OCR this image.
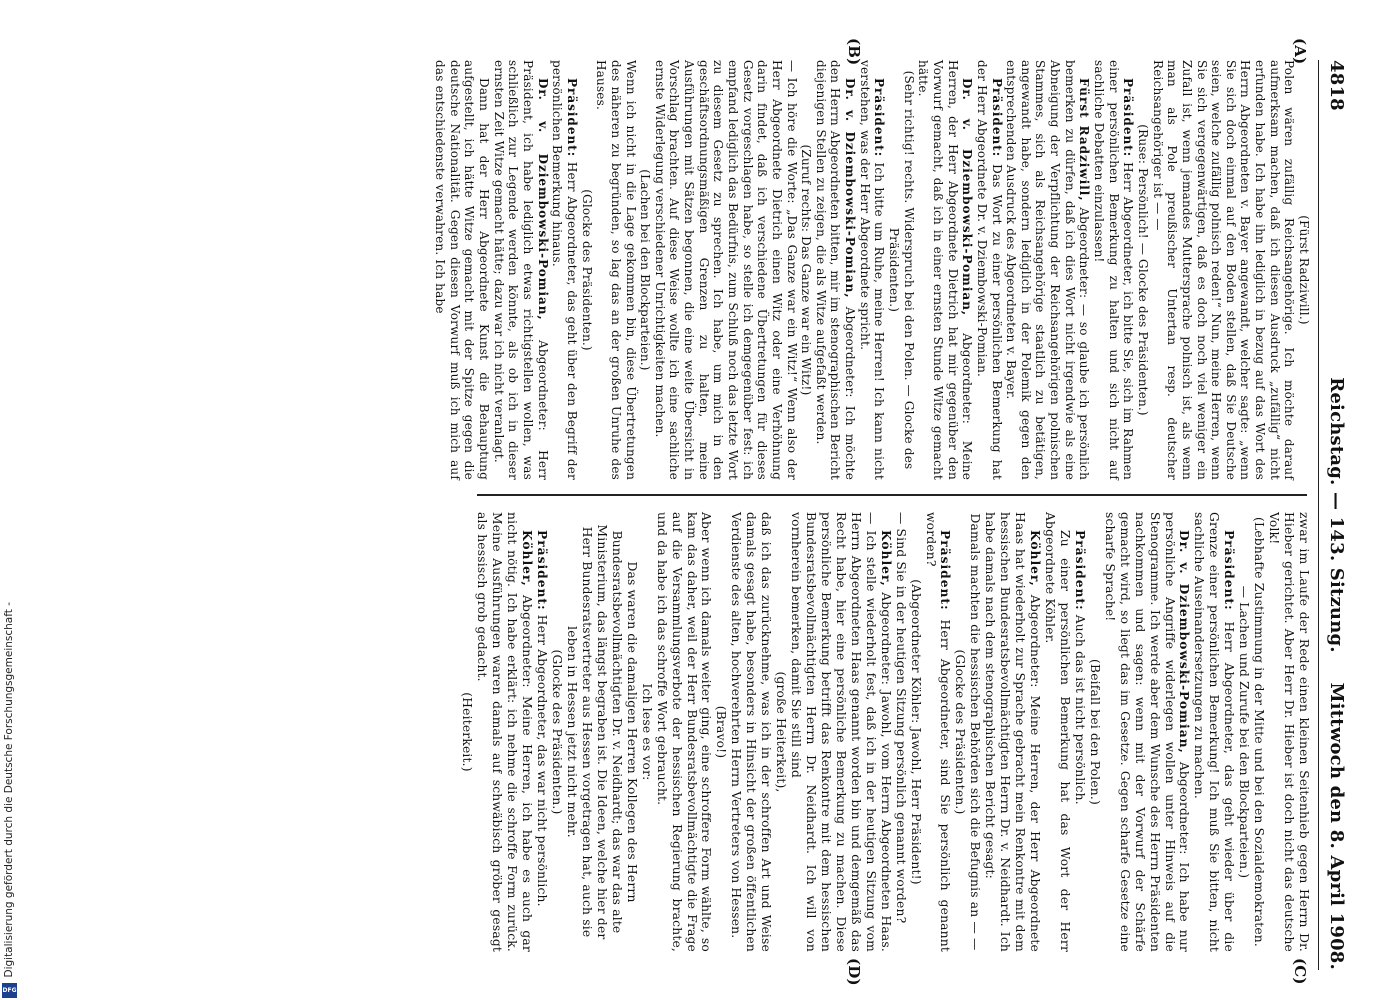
4818
Reichstag. — 143. Sitzung.
Mittwoch den 8. April 1908.
(A)
(B)
(C)
(D)

(Fürst Radziwill.)

Polen wären zufällig Reichsangehörige. Ich möchte darauf aufmerksam machen, daß ich diesen Ausdruck „zufällig“ nicht erfunden habe. Ich habe ihn lediglich in bezug auf das Wort des Herrn Abgeordneten v. Bayer angewandt, welcher sagte: „wenn Sie sich doch einmal auf den Boden stellen, daß Sie Deutsche seien, welche zufällig polnisch reden!“ Nun, meine Herren, wenn Sie sich vergegenwärtigen, daß es doch noch viel weniger ein Zufall ist, wenn jemandes Muttersprache polnisch ist, als wenn man als Pole preußischer Untertan resp. deutscher Reichsangehöriger ist — —

(Ruse: Persönlich! — Glocke des Präsidenten.)

Präsident: Herr Abgeordneter, ich bitte Sie, sich im Rahmen einer persönlichen Bemerkung zu halten und sich nicht auf sachliche Debatten einzulassen!

Fürst Radziwill, Abgeordneter: — so glaube ich persönlich bemerken zu dürfen, daß ich dies Wort nicht irgendwie als eine Abneigung der Verpflichtung der Reichsangehörigen polnischen Stammes, sich als Reichsangehörige staatlich zu betätigen, angewandt habe, sondern lediglich in der Polemik gegen den entsprechenden Ausdruck des Abgeordneten v. Bayer.

Präsident: Das Wort zu einer persönlichen Bemerkung hat der Herr Abgeordnete Dr. v. Dziembowski-Pomian.

Dr. v. Dziembowski-Pomian, Abgeordneter: Meine Herren, der Herr Abgeordnete Dietrich hat mir gegenüber den Vorwurf gemacht, daß ich in einer ernsten Stunde Witze gemacht hätte.

(Sehr richtig! rechts. Widerspruch bei den Polen. — Glocke des Präsidenten.)

Präsident: Ich bitte um Ruhe, meine Herren! Ich kann nicht verstehen, was der Herr Abgeordnete spricht.

Dr. v. Dziembowski-Pomian, Abgeordneter: Ich möchte den Herrn Abgeordneten bitten, mir im stenographischen Bericht diejenigen Stellen zu zeigen, die als Witze aufgefaßt werden.

(Zuruf rechts: Das Ganze war ein Witz!)

— Ich höre die Worte: „Das Ganze war ein Witz!“ Wenn also der Herr Abgeordnete Dietrich einen Witz oder eine Verhöhnung darin findet, daß ich verschiedene Übertretungen für dieses Gesetz vorgeschlagen habe, so stelle ich demgegenüber fest: ich empfand lediglich das Bedürfnis, zum Schluß noch das letzte Wort zu diesem Gesetz zu sprechen. Ich habe, um mich in den geschäftsordnungsmäßigen Grenzen zu halten, meine Ausführungen mit Sätzen begonnen, die eine weite Übersicht in Vorschlag brachten. Auf diese Weise wollte ich eine sachliche ernste Widerlegung verschiedener Unrichtigkeiten machen.

(Lachen bei den Blockparteien.)

Wenn ich nicht in die Lage gekommen bin, diese Übertretungen des näheren zu begründen, so lag das an der großen Unruhe des Hauses.

(Glocke des Präsidenten.)

Präsident: Herr Abgeordneter, das geht über den Begriff der persönlichen Bemerkung hinaus.

Dr. v. Dziembowski-Pomian, Abgeordneter: Herr Präsident, ich habe lediglich etwas richtigstellen wollen, was schließlich zur Legende werden könnte, als ob ich in dieser ernsten Zeit Witze gemacht hätte; dazu war ich nicht veranlagt.

Dann hat der Herr Abgeordnete Kunst die Behauptung aufgestellt, ich hätte Witze gemacht mit der Spitze gegen die deutsche Nationalität. Gegen diesen Vorwurf muß ich mich auf das entschiedenste verwahren. Ich habe

zwar im Laufe der Rede einen kleinen Seitenhieb gegen Herrn Dr. Hieber gerichtet. Aber Herr Dr. Hieber ist doch nicht das deutsche Volk!

(Lebhafte Zustimmung in der Mitte und bei den Sozialdemokraten. — Lachen und Zurufe bei den Blockparteien.)

Präsident: Herr Abgeordneter, das geht wieder über die Grenze einer persönlichen Bemerkung! Ich muß Sie bitten, nicht sachliche Auseinandersetzungen zu machen.

Dr. v. Dziembowski-Pomian, Abgeordneter: Ich habe nur persönliche Angriffe widerlegen wollen unter Hinweis auf die Stenogramme. Ich werde aber dem Wunsche des Herrn Präsidenten nachkommen und sagen: wenn mit der Vorwurf der Schärfe gemacht wird, so liegt das im Gesetze. Gegen scharfe Gesetze eine scharfe Sprache!

(Beifall bei den Polen.)

Präsident: Auch das ist nicht persönlich.

Zu einer persönlichen Bemerkung hat das Wort der Herr Abgeordnete Köhler.

Köhler, Abgeordneter: Meine Herren, der Herr Abgeordnete Haas hat wiederholt zur Sprache gebracht mein Renkontre mit dem hessischen Bundesratsbevollmächtigten Herrn Dr. v. Neidhardt. Ich habe damals nach dem stenographischen Bericht gesagt:

Damals machten die hessischen Behörden sich die Befugnis an — —

(Glocke des Präsidenten.)

Präsident: Herr Abgeordneter, sind Sie persönlich genannt worden?

(Abgeordneter Köhler: Jawohl, Herr Präsident!)

— Sind Sie in der heutigen Sitzung persönlich genannt worden?

Köhler, Abgeordneter: Jawohl, vom Herrn Abgeordneten Haas. — Ich stelle wiederholt fest, daß ich in der heutigen Sitzung vom Herrn Abgeordneten Haas genannt worden bin und demgemäß das Recht habe, hier eine persönliche Bemerkung zu machen. Diese persönliche Bemerkung betrifft das Renkontre mit dem hessischen Bundesratsbevollmächtigten Herrn Dr. Neidhardt. Ich will von vornherein bemerken, damit Sie still sind

(große Heiterkeit),

daß ich das zurücknehme, was ich in der schroffen Art und Weise damals gesagt habe, besonders in Hinsicht der großen öffentlichen Verdienste des alten, hochverehrten Herrn Vertreters von Hessen.

(Bravo!)

Aber wenn ich damals weiter ging, eine schroffere Form wählte, so kam das daher, weil der Herr Bundesratsbevollmächtigte die Frage auf die Versammlungsverbote der hessischen Regierung brachte, und da habe ich das schroffe Wort gebraucht.

Ich lese es vor:

Das waren die damaligen Herren Kollegen des Herrn Bundesratsbevollmächtigten Dr. v. Neidhardt; das war das alte Ministerium, das längst begraben ist. Die Ideen, welche hier der Herr Bundesratsvertreter aus Hessen vorgetragen hat, auch sie leben in Hessen jetzt nicht mehr.

(Glocke des Präsidenten.)

Präsident: Herr Abgeordneter, das war nicht persönlich.

Köhler, Abgeordneter: Meine Herren, ich habe es auch gar nicht nötig. Ich habe erklärt: ich nehme die schroffe Form zurück. Meine Ausführungen waren damals auf schwäbisch gröber gesagt als hessisch grob gedacht.

(Heiterkeit.)

Digitalisierung gefördert durch die Deutsche Forschungsgemeinschaft -
DFG
